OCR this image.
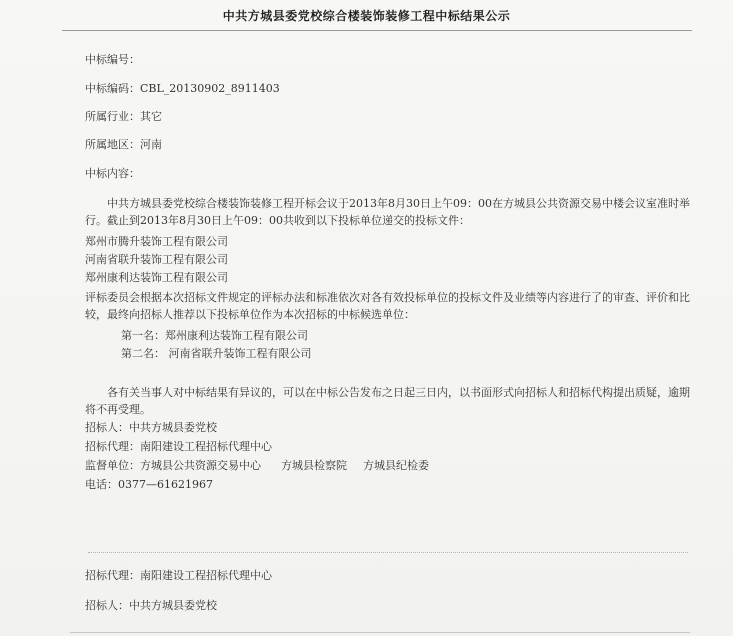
中共方城县委党校综合楼装饰装修工程中标结果公示
中标编号：
中标编码：CBL_20130902_8911403
所属行业：其它
所属地区：河南
中标内容：
中共方城县委党校综合楼装饰装修工程开标会议于2013年8月30日上午09：00在方城县公共资源交易中楼会议室准时举行。截止到2013年8月30日上午09：00共收到以下投标单位递交的投标文件：
郑州市腾升装饰工程有限公司
河南省联升装饰工程有限公司
郑州康利达装饰工程有限公司
评标委员会根据本次招标文件规定的评标办法和标准依次对各有效投标单位的投标文件及业绩等内容进行了的审查、评价和比较，最终向招标人推荐以下投标单位作为本次招标的中标候选单位：
第一名：郑州康利达装饰工程有限公司
第二名： 河南省联升装饰工程有限公司
各有关当事人对中标结果有异议的，可以在中标公告发布之日起三日内，以书面形式向招标人和招标代构提出质疑，逾期将不再受理。
招标人：中共方城县委党校
招标代理：南阳建设工程招标代理中心
监督单位：方城县公共资源交易中心 方城县检察院 方城县纪检委
电话：0377—61621967
招标代理：南阳建设工程招标代理中心
招标人：中共方城县委党校
